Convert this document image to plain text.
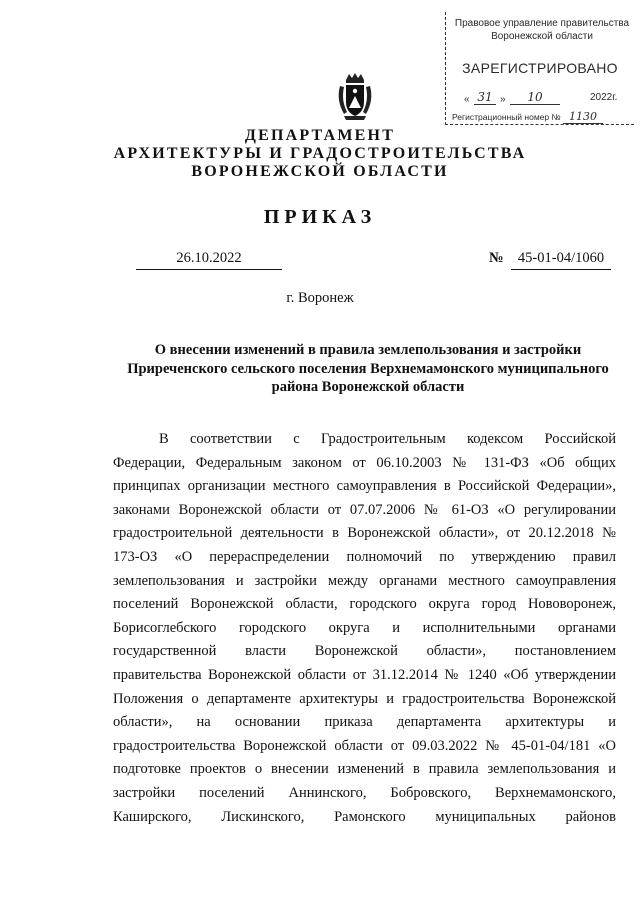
Правовое управление правительства
Воронежской области
ЗАРЕГИСТРИРОВАНО
« 31 »	10	2022г.
Регистрационный номер № 1130
ДЕПАРТАМЕНТ
АРХИТЕКТУРЫ И ГРАДОСТРОИТЕЛЬСТВА
ВОРОНЕЖСКОЙ ОБЛАСТИ
ПРИКАЗ
26.10.2022	№ 45-01-04/1060
г. Воронеж
О внесении изменений в правила землепользования и застройки
Приреченского сельского поселения Верхнемамонского муниципального
района Воронежской области
В соответствии с Градостроительным кодексом Российской
Федерации, Федеральным законом от 06.10.2003 № 131-ФЗ «Об общих
принципах организации местного самоуправления в Российской Федерации»,
законами Воронежской области от 07.07.2006 № 61-ОЗ «О регулировании
градостроительной деятельности в Воронежской области», от 20.12.2018 №
173-ОЗ «О перераспределении полномочий по утверждению правил
землепользования и застройки между органами местного самоуправления
поселений Воронежской области, городского округа город Нововоронеж,
Борисоглебского городского округа и исполнительными органами
государственной власти Воронежской области», постановлением
правительства Воронежской области от 31.12.2014 № 1240 «Об утверждении
Положения о департаменте архитектуры и градостроительства Воронежской
области», на основании приказа департамента архитектуры и
градостроительства Воронежской области от 09.03.2022 № 45-01-04/181 «О
подготовке проектов о внесении изменений в правила землепользования и
застройки поселений Аннинского, Бобровского, Верхнемамонского,
Каширского, Лискинского, Рамонского муниципальных районов
